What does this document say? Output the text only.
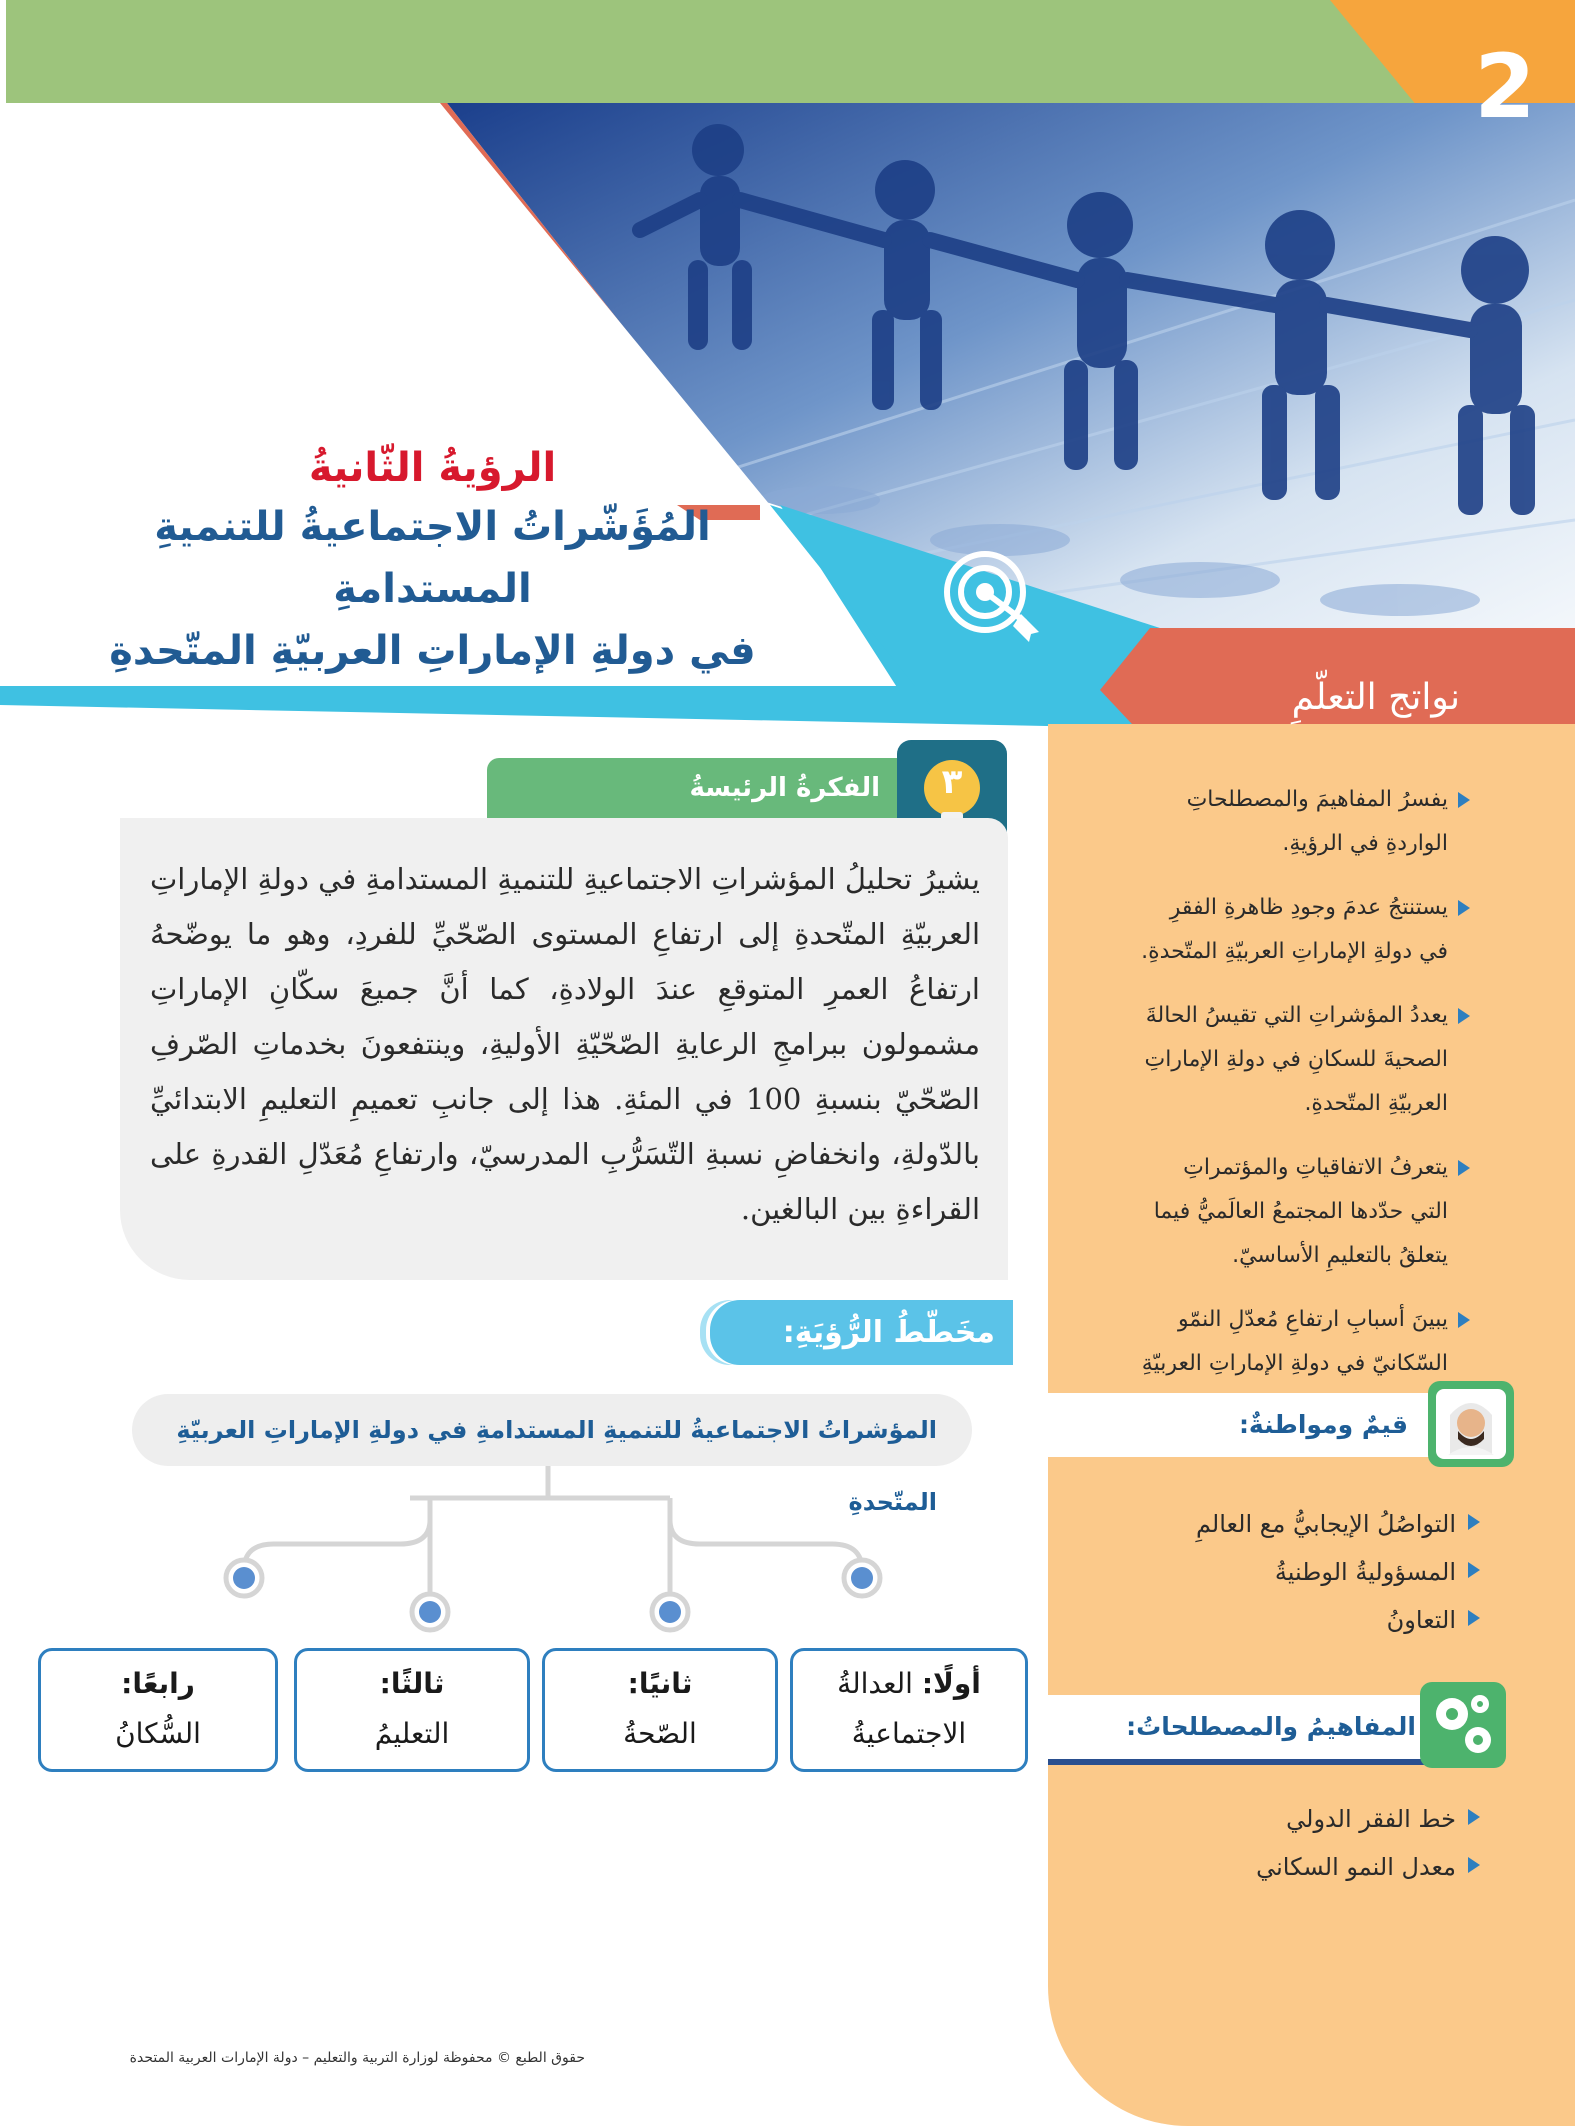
2
الرؤيةُ الثّانيةُ
المُؤَشّراتُ الاجتماعيةُ للتنميةِ المستدامةِ
في دولةِ الإماراتِ العربيّةِ المتّحدةِ
نواتج التعلّمِ
يفسرُ المفاهيمَ والمصطلحاتِ الواردةِ في الرؤيةِ.
يستنتجُ عدمَ وجودِ ظاهرةِ الفقرِ في دولةِ الإماراتِ العربيّةِ المتّحدةِ.
يعددُ المؤشراتِ التي تقيسُ الحالةَ الصحيةَ للسكانِ في دولةِ الإماراتِ العربيّةِ المتّحدةِ.
يتعرفُ الاتفاقياتِ والمؤتمراتِ التي حدّدها المجتمعُ العالَميُّ فيما يتعلقُ بالتعليمِ الأساسيّ.
يبينَ أسبابِ ارتفاعِ مُعدّلِ النمّو السّكانيّ في دولةِ الإماراتِ العربيّةِ
قيمٌ ومواطنةٌ:
التواصُلُ الإيجابيُّ مع العالمِ
المسؤوليةُ الوطنيةُ
التعاونُ
المفاهيمُ والمصطلحاتُ:
خط الفقر الدولي
معدل النمو السكاني
الفكرةُ الرئيسةُ	٣
يشيرُ تحليلُ المؤشراتِ الاجتماعيةِ للتنميةِ المستدامةِ في دولةِ الإماراتِ العربيّةِ المتّحدةِ إلى ارتفاعِ المستوى الصّحّيِّ للفردِ، وهو ما يوضّحهُ ارتفاعُ العمرِ المتوقعِ عندَ الولادةِ، كما أنَّ جميعَ سكّانِ الإماراتِ مشمولون ببرامجِ الرعايةِ الصّحّيّةِ الأوليةِ، وينتفعونَ بخدماتِ الصّرفِ الصّحّيّ بنسبةِ 100 في المئةِ. هذا إلى جانبِ تعميمِ التعليمِ الابتدائيِّ بالدّولةِ، وانخفاضِ نسبةِ التّسَرُّبِ المدرسيّ، وارتفاعِ مُعَدّلِ القدرةِ على القراءةِ بين البالغين.
مخَطّطُ الرُّؤيَةِ:
المؤشراتُ الاجتماعيةُ للتنميةِ المستدامةِ في دولةِ الإماراتِ العربيّةِ المتّحدةِ
أولًا: العدالةُ
الاجتماعيةُ
ثانيًا:
الصّحةُ
ثالثًا:
التعليمُ
رابعًا:
السُّكانُ
حقوق الطبع © محفوظة لوزارة التربية والتعليم – دولة الإمارات العربية المتحدة
